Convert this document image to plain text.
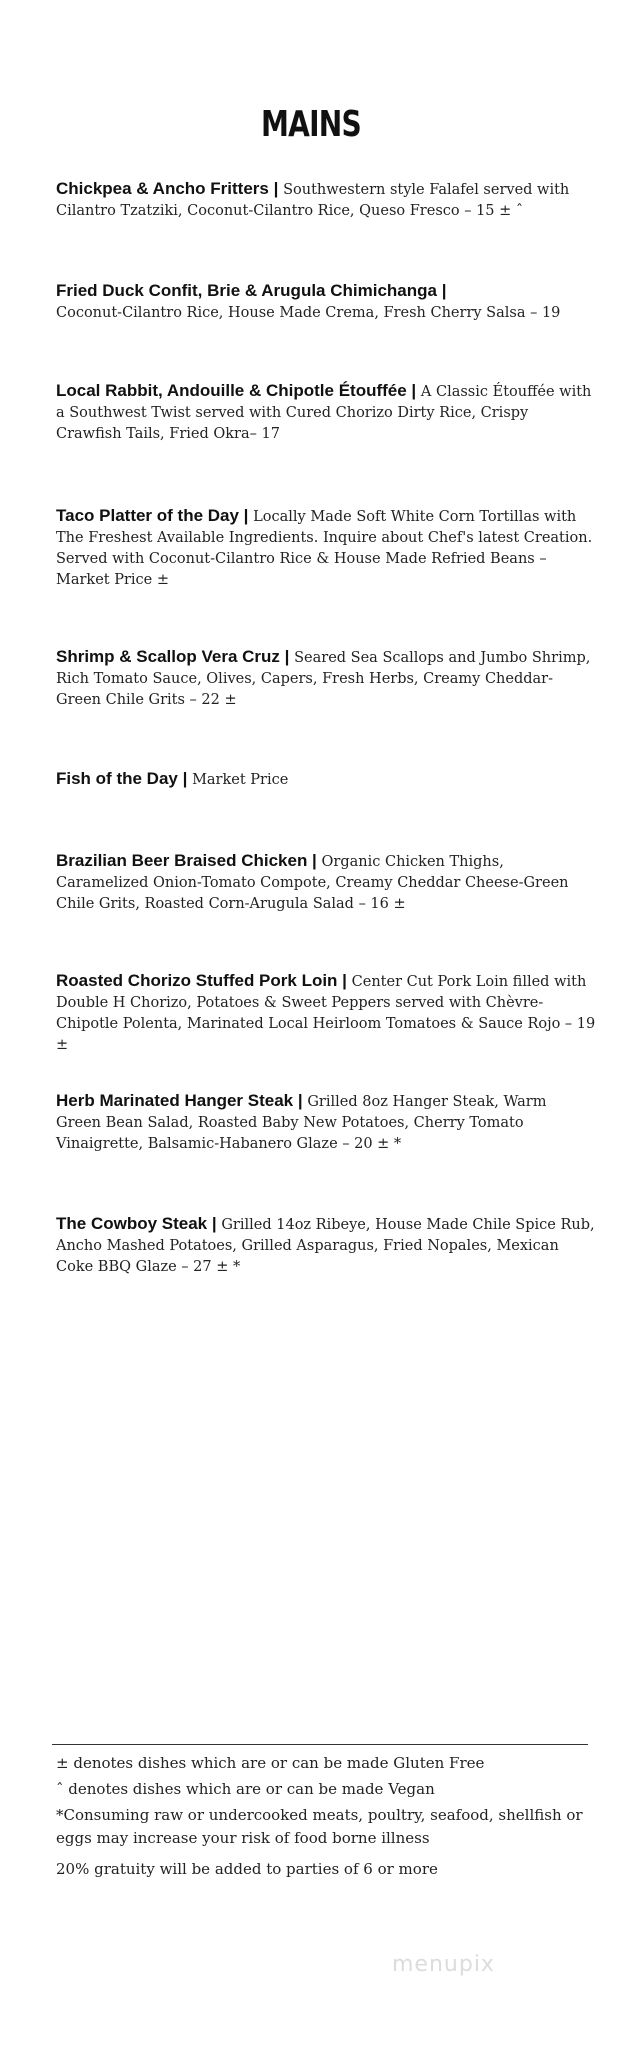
MAINS
Chickpea & Ancho Fritters | Southwestern style Falafel served with Cilantro Tzatziki, Coconut-Cilantro Rice, Queso Fresco – 15 ± ˆ
Fried Duck Confit, Brie & Arugula Chimichanga |
Coconut-Cilantro Rice, House Made Crema, Fresh Cherry Salsa – 19
Local Rabbit, Andouille & Chipotle Étouffée | A Classic Étouffée with a Southwest Twist served with Cured Chorizo Dirty Rice, Crispy Crawfish Tails, Fried Okra– 17
Taco Platter of the Day | Locally Made Soft White Corn Tortillas with The Freshest Available Ingredients. Inquire about Chef's latest Creation. Served with Coconut-Cilantro Rice & House Made Refried Beans – Market Price ±
Shrimp & Scallop Vera Cruz | Seared Sea Scallops and Jumbo Shrimp, Rich Tomato Sauce, Olives, Capers, Fresh Herbs, Creamy Cheddar-Green Chile Grits – 22 ±
Fish of the Day | Market Price
Brazilian Beer Braised Chicken | Organic Chicken Thighs, Caramelized Onion-Tomato Compote, Creamy Cheddar Cheese-Green Chile Grits, Roasted Corn-Arugula Salad – 16 ±
Roasted Chorizo Stuffed Pork Loin | Center Cut Pork Loin filled with Double H Chorizo, Potatoes & Sweet Peppers served with Chèvre-Chipotle Polenta, Marinated Local Heirloom Tomatoes & Sauce Rojo – 19 ±
Herb Marinated Hanger Steak | Grilled 8oz Hanger Steak, Warm Green Bean Salad, Roasted Baby New Potatoes, Cherry Tomato Vinaigrette, Balsamic-Habanero Glaze – 20 ± *
The Cowboy Steak | Grilled 14oz Ribeye, House Made Chile Spice Rub, Ancho Mashed Potatoes, Grilled Asparagus, Fried Nopales, Mexican Coke BBQ Glaze – 27 ± *

± denotes dishes which are or can be made Gluten Free

ˆ denotes dishes which are or can be made Vegan

*Consuming raw or undercooked meats, poultry, seafood, shellfish or eggs may increase your risk of food borne illness

20% gratuity will be added to parties of 6 or more

menupix
